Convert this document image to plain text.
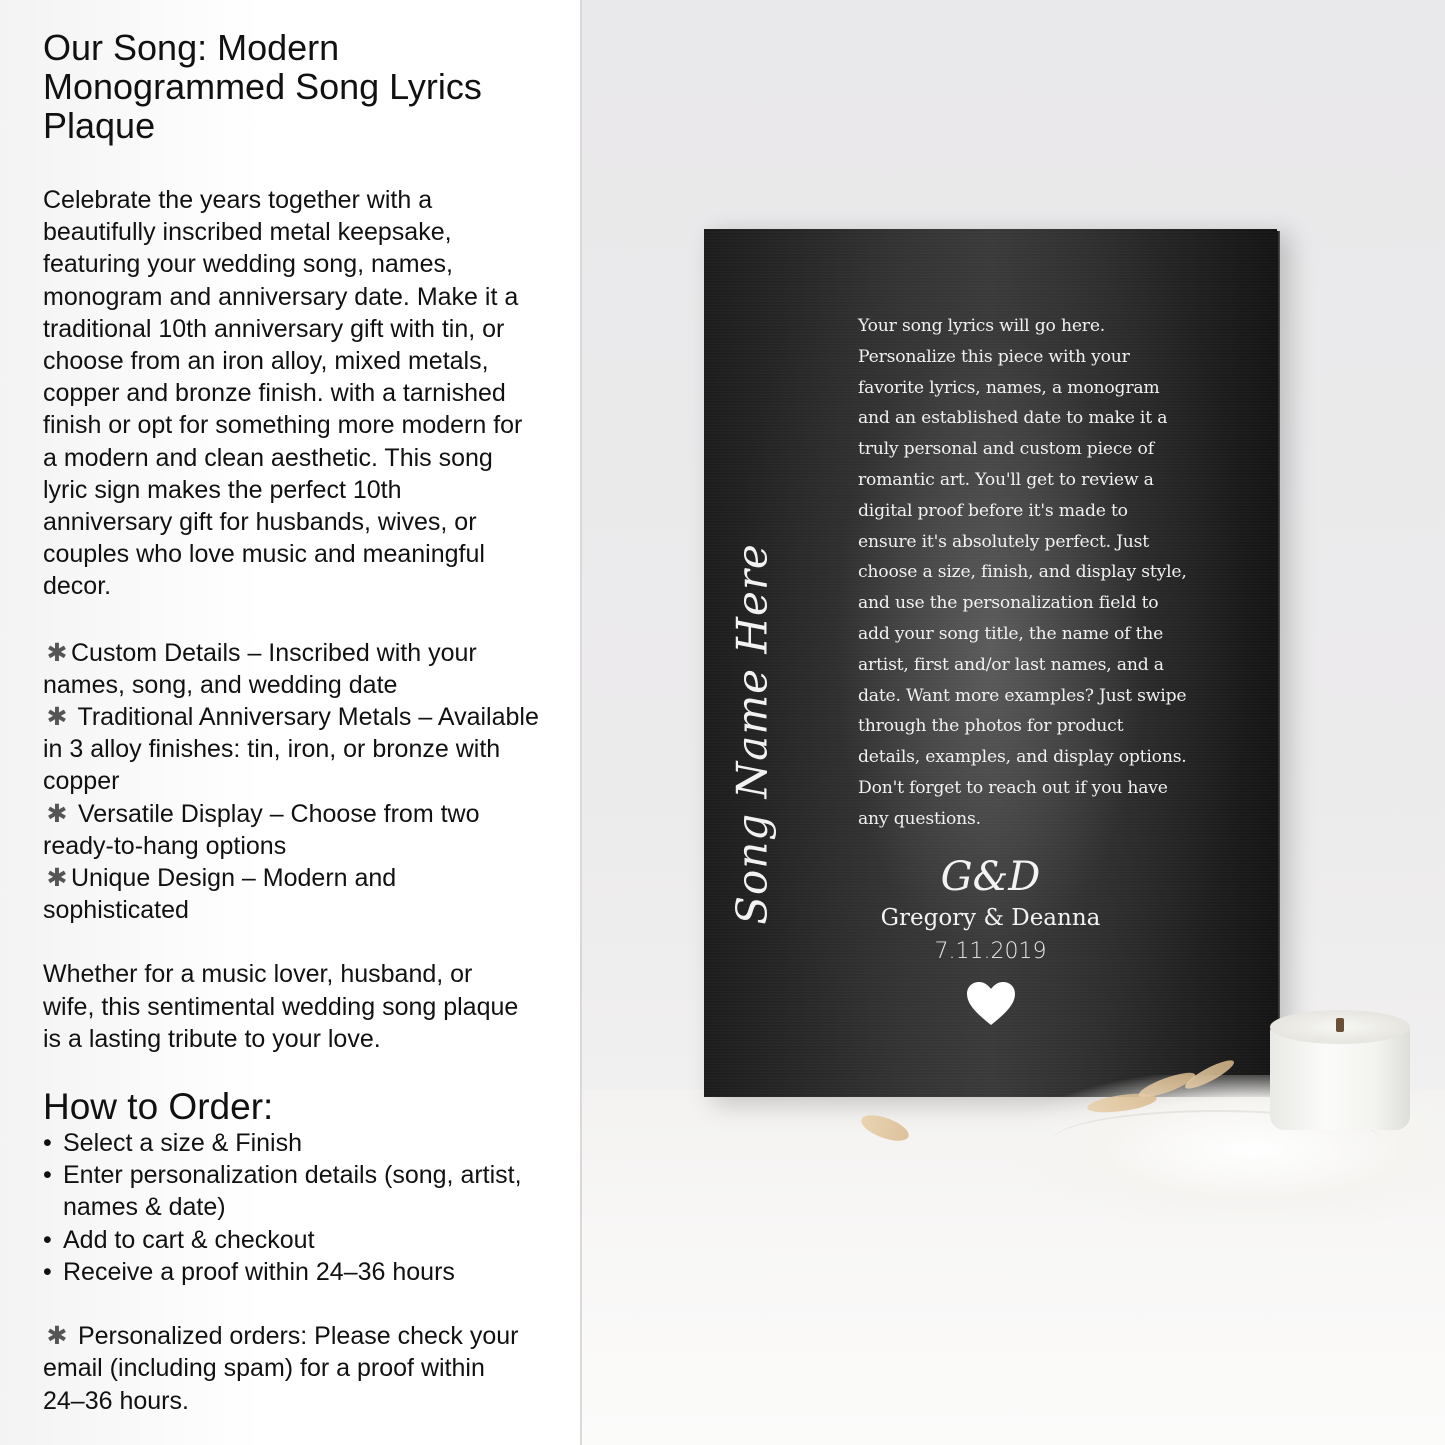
Our Song: Modern Monogrammed Song Lyrics Plaque

Celebrate the years together with a beautifully inscribed metal keepsake, featuring your wedding song, names, monogram and anniversary date. Make it a traditional 10th anniversary gift with tin, or choose from an iron alloy, mixed metals, copper and bronze finish. with a tarnished finish or opt for something more modern for a modern and clean aesthetic. This song lyric sign makes the perfect 10th anniversary gift for husbands, wives, or couples who love music and meaningful decor.

✱ Custom Details – Inscribed with your names, song, and wedding date
✱ Traditional Anniversary Metals – Available in 3 alloy finishes: tin, iron, or bronze with copper
✱ Versatile Display – Choose from two ready-to-hang options
✱ Unique Design – Modern and sophisticated

Whether for a music lover, husband, or wife, this sentimental wedding song plaque is a lasting tribute to your love.

How to Order:
• Select a size & Finish
• Enter personalization details (song, artist, names & date)
• Add to cart & checkout
• Receive a proof within 24–36 hours

✱ Personalized orders: Please check your email (including spam) for a proof within 24–36 hours.

Song Name Here

Your song lyrics will go here. Personalize this piece with your favorite lyrics, names, a monogram and an established date to make it a truly personal and custom piece of romantic art. You'll get to review a digital proof before it's made to ensure it's absolutely perfect. Just choose a size, finish, and display style, and use the personalization field to add your song title, the name of the artist, first and/or last names, and a date. Want more examples? Just swipe through the photos for product details, examples, and display options. Don't forget to reach out if you have any questions.

G&D
Gregory & Deanna
7.11.2019
